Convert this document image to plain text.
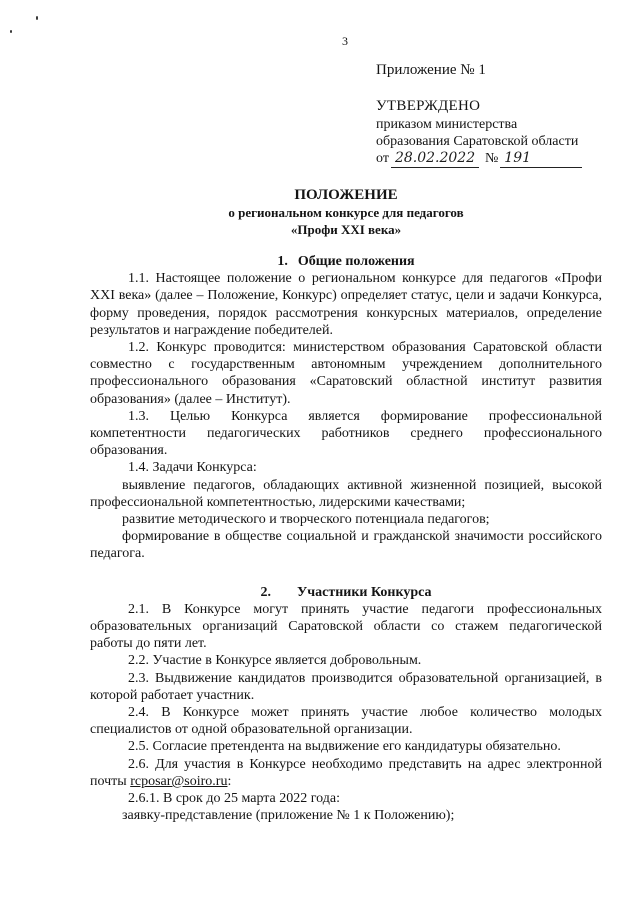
3
Приложение № 1
УТВЕРЖДЕНО
приказом министерства
образования Саратовской области
от 28.02.2022 № 191
ПОЛОЖЕНИЕ
о региональном конкурсе для педагогов
«Профи XXI века»
1. Общие положения

1.1. Настоящее положение о региональном конкурсе для педагогов «Профи XXI века» (далее – Положение, Конкурс) определяет статус, цели и задачи Конкурса, форму проведения, порядок рассмотрения конкурсных материалов, определение результатов и награждение победителей.

1.2. Конкурс проводится: министерством образования Саратовской области совместно с государственным автономным учреждением дополнительного профессионального образования «Саратовский областной институт развития образования» (далее – Институт).

1.3. Целью Конкурса является формирование профессиональной компетентности педагогических работников среднего профессионального образования.

1.4. Задачи Конкурса:

выявление педагогов, обладающих активной жизненной позицией, высокой профессиональной компетентностью, лидерскими качествами;

развитие методического и творческого потенциала педагогов;

формирование в обществе социальной и гражданской значимости российского педагога.

2. Участники Конкурса

2.1. В Конкурсе могут принять участие педагоги профессиональных образовательных организаций Саратовской области со стажем педагогической работы до пяти лет.

2.2. Участие в Конкурсе является добровольным.

2.3. Выдвижение кандидатов производится образовательной организацией, в которой работает участник.

2.4. В Конкурсе может принять участие любое количество молодых специалистов от одной образовательной организации.

2.5. Согласие претендента на выдвижение его кандидатуры обязательно.

2.6. Для участия в Конкурсе необходимо представить на адрес электронной почты rcposar@soiro.ru:

2.6.1. В срок до 25 марта 2022 года:

заявку-представление (приложение № 1 к Положению);
